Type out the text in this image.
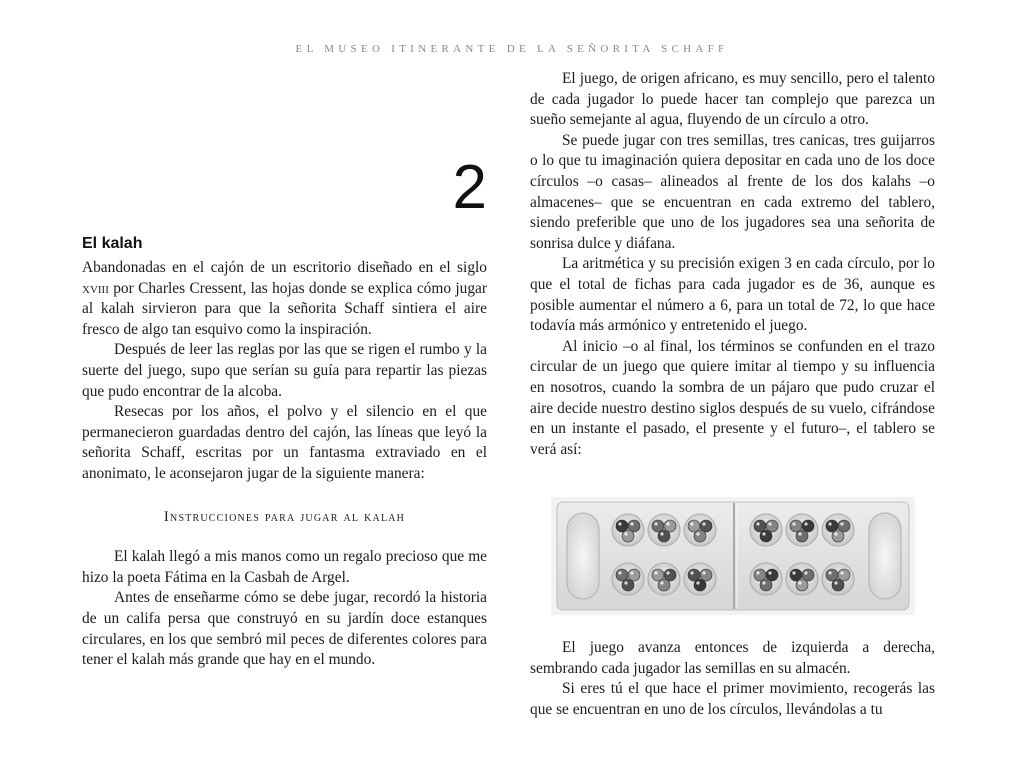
EL MUSEO ITINERANTE DE LA SEÑORITA SCHAFF
2
El kalah

Abandonadas en el cajón de un escritorio diseñado en el siglo xviii por Charles Cressent, las hojas donde se explica cómo jugar al kalah sirvieron para que la señorita Schaff sintiera el aire fresco de algo tan esquivo como la inspiración.

Después de leer las reglas por las que se rigen el rumbo y la suerte del juego, supo que serían su guía para repartir las piezas que pudo encontrar de la alcoba.

Resecas por los años, el polvo y el silencio en el que permanecieron guardadas dentro del cajón, las líneas que leyó la señorita Schaff, escritas por un fantasma extraviado en el anonimato, le aconsejaron jugar de la siguiente manera:

Instrucciones para jugar al kalah

El kalah llegó a mis manos como un regalo precioso que me hizo la poeta Fátima en la Casbah de Argel.

Antes de enseñarme cómo se debe jugar, recordó la historia de un califa persa que construyó en su jardín doce estanques circulares, en los que sembró mil peces de diferentes colores para tener el kalah más grande que hay en el mundo.

El juego, de origen africano, es muy sencillo, pero el talento de cada jugador lo puede hacer tan complejo que parezca un sueño semejante al agua, fluyendo de un círculo a otro.

Se puede jugar con tres semillas, tres canicas, tres guijarros o lo que tu imaginación quiera depositar en cada uno de los doce círculos –o casas– alineados al frente de los dos kalahs –o almacenes– que se encuentran en cada extremo del tablero, siendo preferible que uno de los jugadores sea una señorita de sonrisa dulce y diáfana.

La aritmética y su precisión exigen 3 en cada círculo, por lo que el total de fichas para cada jugador es de 36, aunque es posible aumentar el número a 6, para un total de 72, lo que hace todavía más armónico y entretenido el juego.

Al inicio –o al final, los términos se confunden en el trazo circular de un juego que quiere imitar al tiempo y su influencia en nosotros, cuando la sombra de un pájaro que pudo cruzar el aire decide nuestro destino siglos después de su vuelo, cifrándose en un instante el pasado, el presente y el futuro–, el tablero se verá así:

El juego avanza entonces de izquierda a derecha, sembrando cada jugador las semillas en su almacén.

Si eres tú el que hace el primer movimiento, recogerás las que se encuentran en uno de los círculos, llevándolas a tu
